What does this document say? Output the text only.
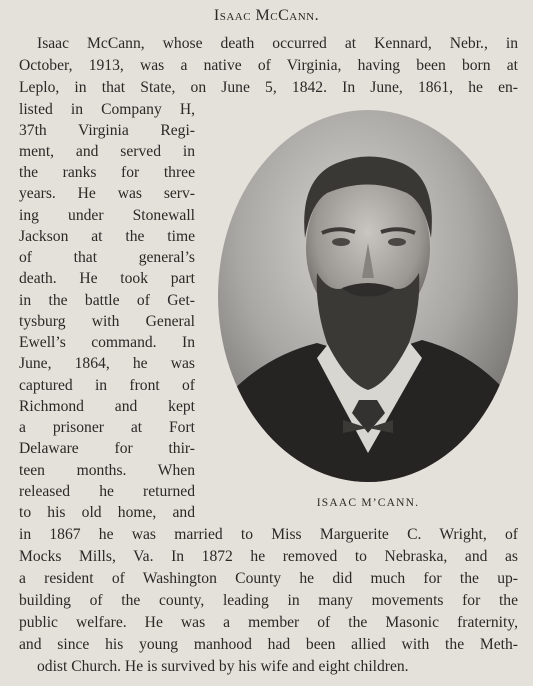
Isaac McCann.
Isaac McCann, whose death occurred at Kennard, Nebr., in
October, 1913, was a native of Virginia, having been born at
Leplo, in that State, on June 5, 1842. In June, 1861, he en-
listed in Company H,
37th Virginia Regi-
ment, and served in
the ranks for three
years. He was serv-
ing under Stonewall
Jackson at the time
of that general’s
death. He took part
in the battle of Get-
tysburg with General
Ewell’s command. In
June, 1864, he was
captured in front of
Richmond and kept
a prisoner at Fort
Delaware for thir-
teen months. When
released he returned
to his old home, and
ISAAC M’CANN.
in 1867 he was married to Miss Marguerite C. Wright, of
Mocks Mills, Va. In 1872 he removed to Nebraska, and as
a resident of Washington County he did much for the up-
building of the county, leading in many movements for the
public welfare. He was a member of the Masonic fraternity,
and since his young manhood had been allied with the Meth-
odist Church. He is survived by his wife and eight children.
